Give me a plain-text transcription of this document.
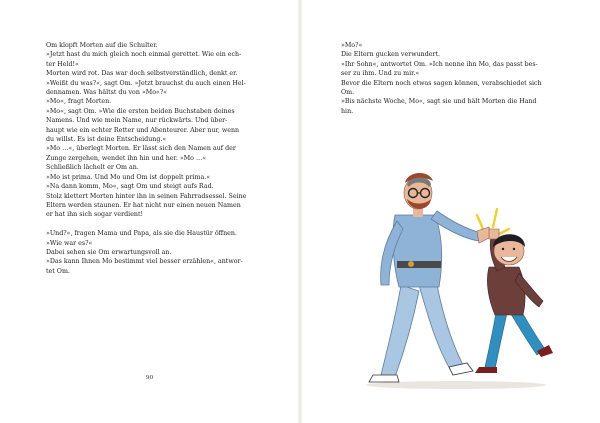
Om klopft Morten auf die Schulter.
»Jetzt hast du mich gleich noch einmal gerettet. Wie ein ech-
ter Held!«
Morten wird rot. Das war doch selbstverständlich, denkt er.
»Weißt du was?«, sagt Om. »Jetzt brauchst du auch einen Hel-
dennamen. Was hältst du von »Mo«?«
»Mo«, fragt Morten.
»Mo«, sagt Om. »Wie die ersten beiden Buchstaben deines
Namens. Und wie mein Name, nur rückwärts. Und über-
haupt wie ein echter Retter und Abenteurer. Aber nur, wenn
du willst. Es ist deine Entscheidung.«
»Mo …«, überlegt Morten. Er lässt sich den Namen auf der
Zunge zergehen, wendet ihn hin und her. »Mo …«
Schließlich lächelt er Om an.
»Mo ist prima. Und Mo und Om ist doppelt prima.«
»Na dann komm, Mo«, sagt Om und steigt aufs Rad.
Stolz klettert Morten hinter ihn in seinen Fahrradsessel. Seine
Eltern werden staunen. Er hat nicht nur einen neuen Namen
er hat ihn sich sogar verdient!
»Und?«, fragen Mama und Papa, als sie die Haustür öffnen.
»Wie war es?«
Dabei sehen sie Om erwartungsvoll an.
»Das kann Ihnen Mo bestimmt viel besser erzählen«, antwor-
tet Om.
90
»Mo?«
Die Eltern gucken verwundert.
»Ihr Sohn«, antwortet Om. »Ich nenne ihn Mo, das passt bes-
ser zu ihm. Und zu mir.«
Bevor die Eltern noch etwas sagen können, verabschiedet sich
Om.
»Bis nächste Woche, Mo«, sagt sie und hält Morten die Hand
hin.
